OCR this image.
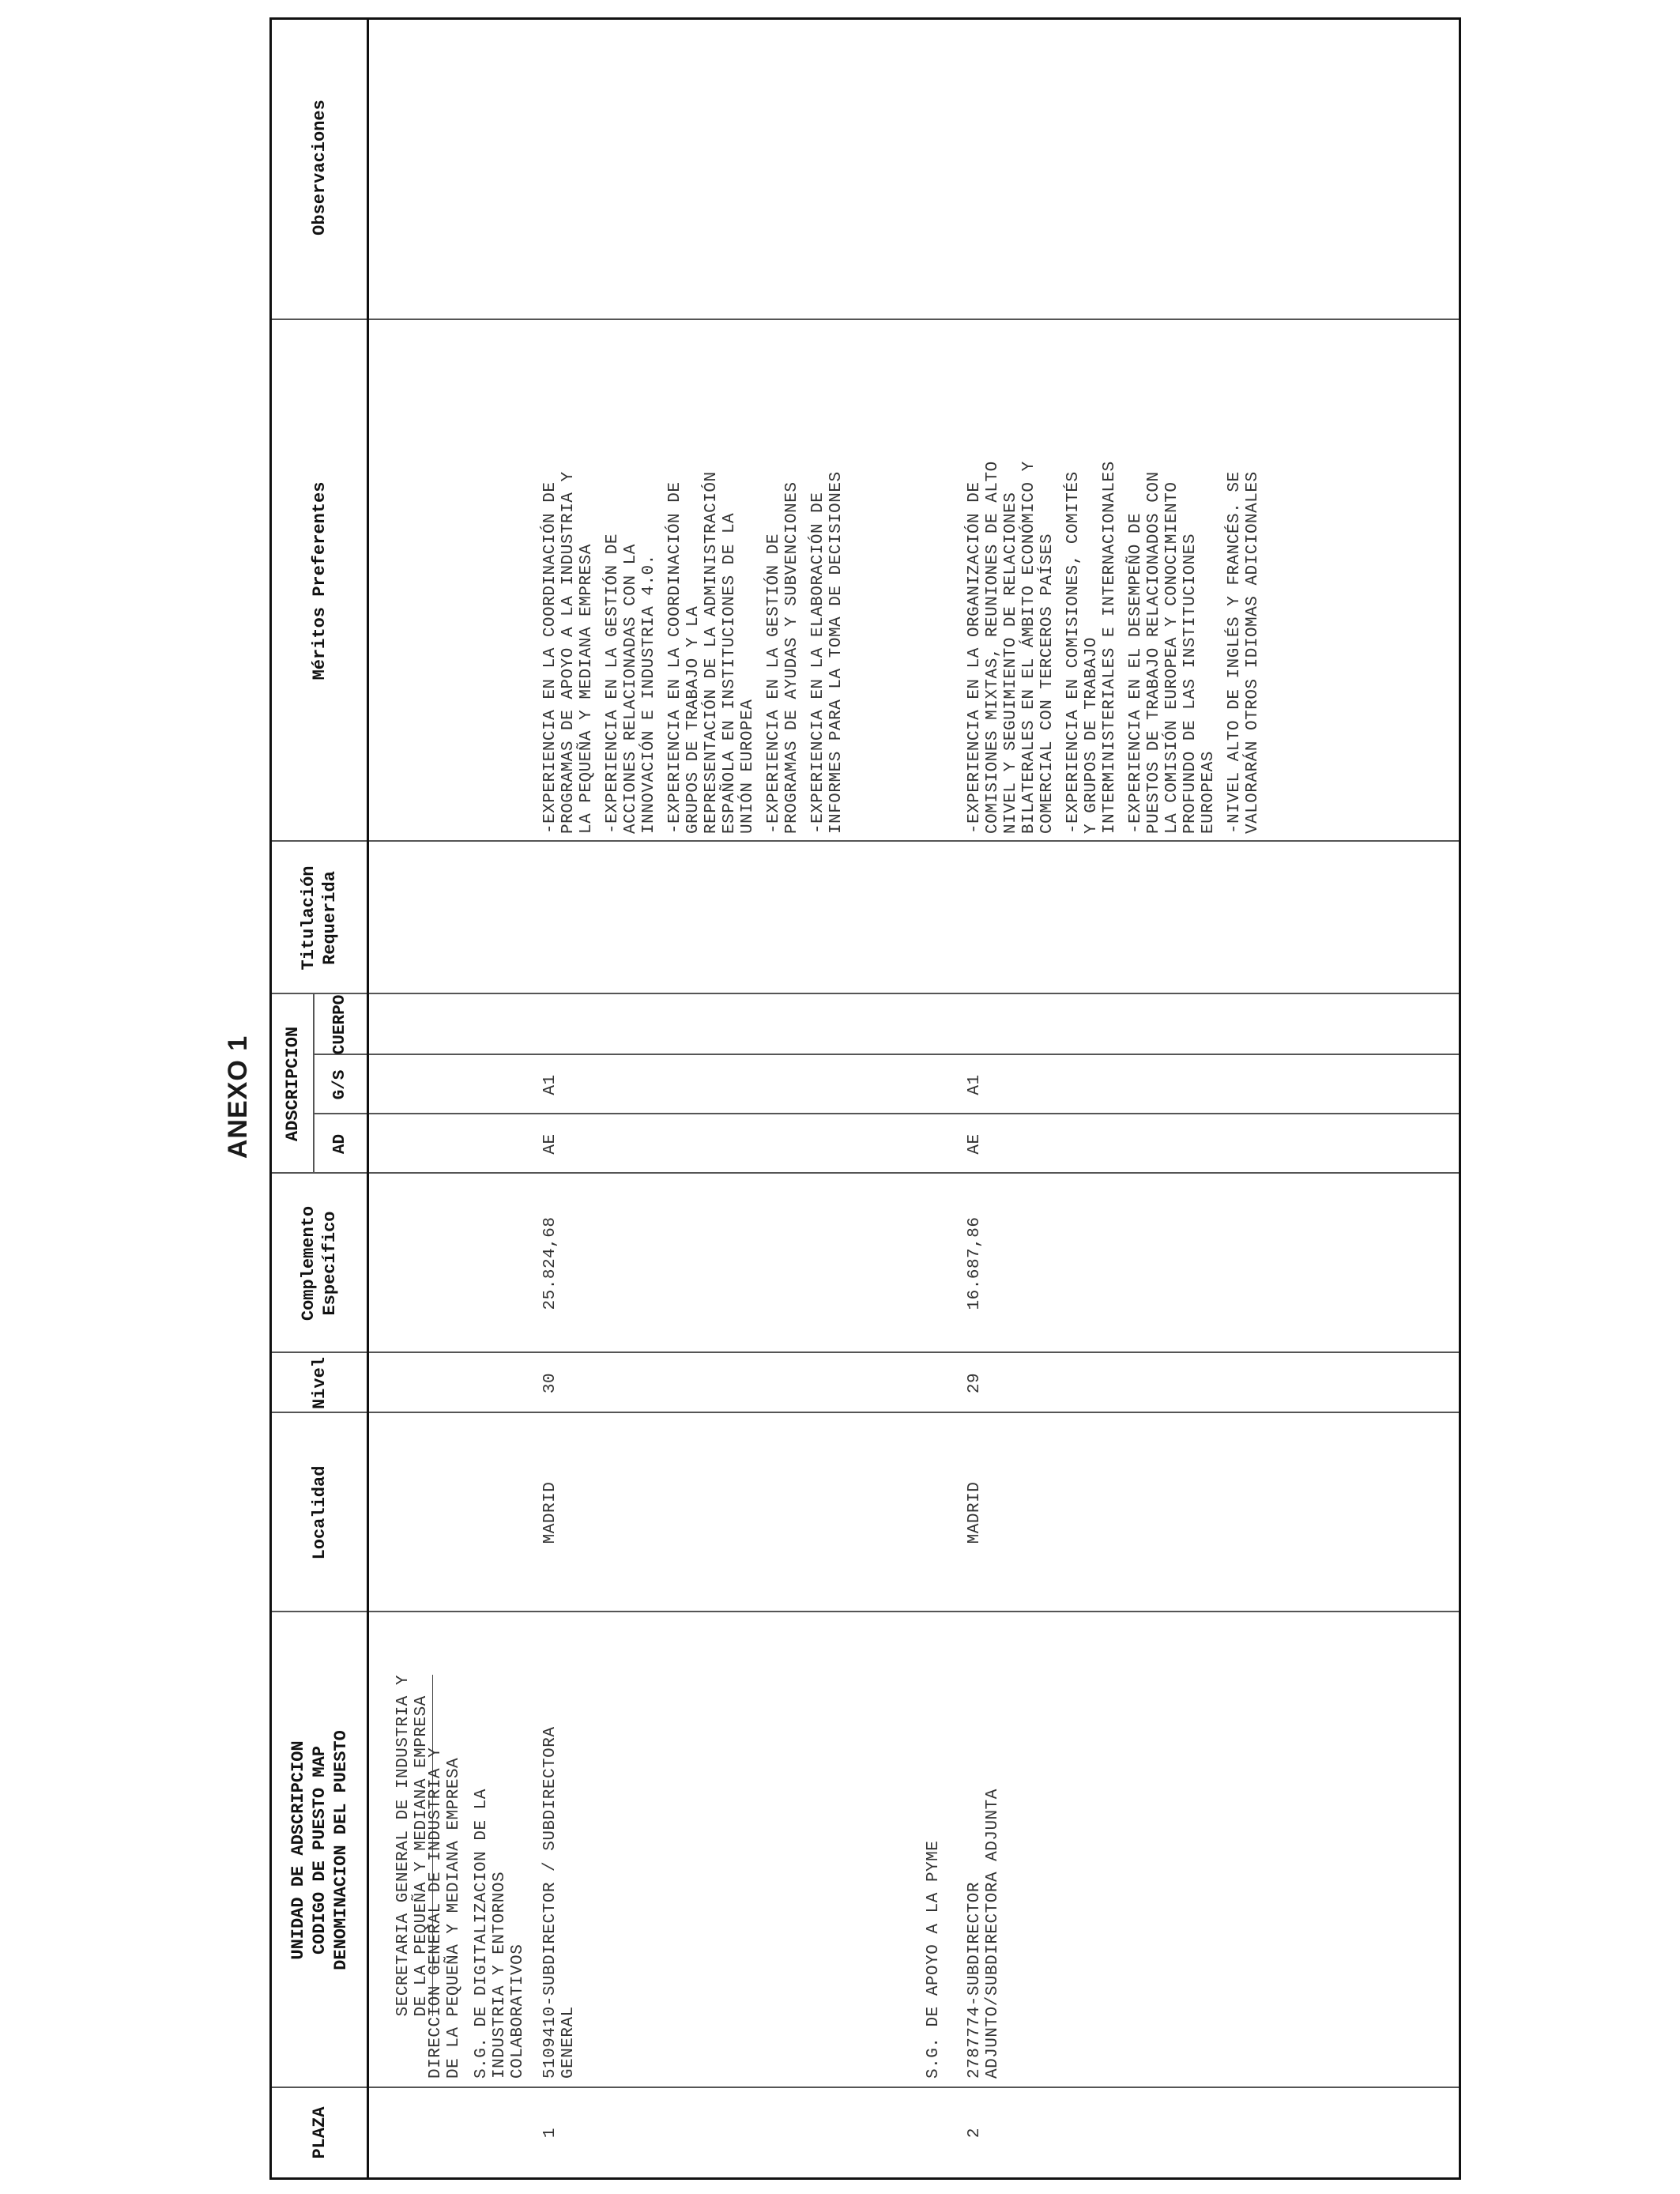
ANEXO 1
PLAZA
UNIDAD DE ADSCRIPCION CODIGO DE PUESTO MAP DENOMINACION DEL PUESTO
Localidad
Nivel
Complemento Específico
ADSCRIPCION
AD
G/S
CUERPO
Titulación Requerida
Méritos Preferentes
Observaciones

SECRETARIA GENERAL DE INDUSTRIA Y
DE LA PEQUEÑA Y MEDIANA EMPRESA

DIRECCION GENERAL DE INDUSTRIA Y
DE LA PEQUEÑA Y MEDIANA EMPRESA S.G. DE DIGITALIZACION DE LA
INDUSTRIA Y ENTORNOS
COLABORATIVOS
1
5109410-SUBDIRECTOR / SUBDIRECTORA
GENERAL
MADRID
30
25.824,68
AE
A1
-EXPERIENCIA EN LA COORDINACIÓN DE PROGRAMAS DE APOYO A LA INDUSTRIA Y LA PEQUEÑA Y MEDIANA EMPRESA -EXPERIENCIA EN LA GESTIÓN DE ACCIONES RELACIONADAS CON LA INNOVACIÓN E INDUSTRIA 4.0. -EXPERIENCIA EN LA COORDINACIÓN DE GRUPOS DE TRABAJO Y LA REPRESENTACIÓN DE LA ADMINISTRACIÓN ESPAÑOLA EN INSTITUCIONES DE LA UNIÓN EUROPEA -EXPERIENCIA EN LA GESTIÓN DE PROGRAMAS DE AYUDAS Y SUBVENCIONES -EXPERIENCIA EN LA ELABORACIÓN DE INFORMES PARA LA TOMA DE DECISIONES
S.G. DE APOYO A LA PYME
2
2787774-SUBDIRECTOR
ADJUNTO/SUBDIRECTORA ADJUNTA
MADRID
29
16.687,86
AE
A1
-EXPERIENCIA EN LA ORGANIZACIÓN DE COMISIONES MIXTAS, REUNIONES DE ALTO NIVEL Y SEGUIMIENTO DE RELACIONES BILATERALES EN EL ÁMBITO ECONÓMICO Y COMERCIAL CON TERCEROS PAÍSES -EXPERIENCIA EN COMISIONES, COMITÉS Y GRUPOS DE TRABAJO INTERMINISTERIALES E INTERNACIONALES -EXPERIENCIA EN EL DESEMPEÑO DE PUESTOS DE TRABAJO RELACIONADOS CON LA COMISIÓN EUROPEA Y CONOCIMIENTO PROFUNDO DE LAS INSTITUCIONES EUROPEAS -NIVEL ALTO DE INGLÉS Y FRANCÉS. SE VALORARÁN OTROS IDIOMAS ADICIONALES
